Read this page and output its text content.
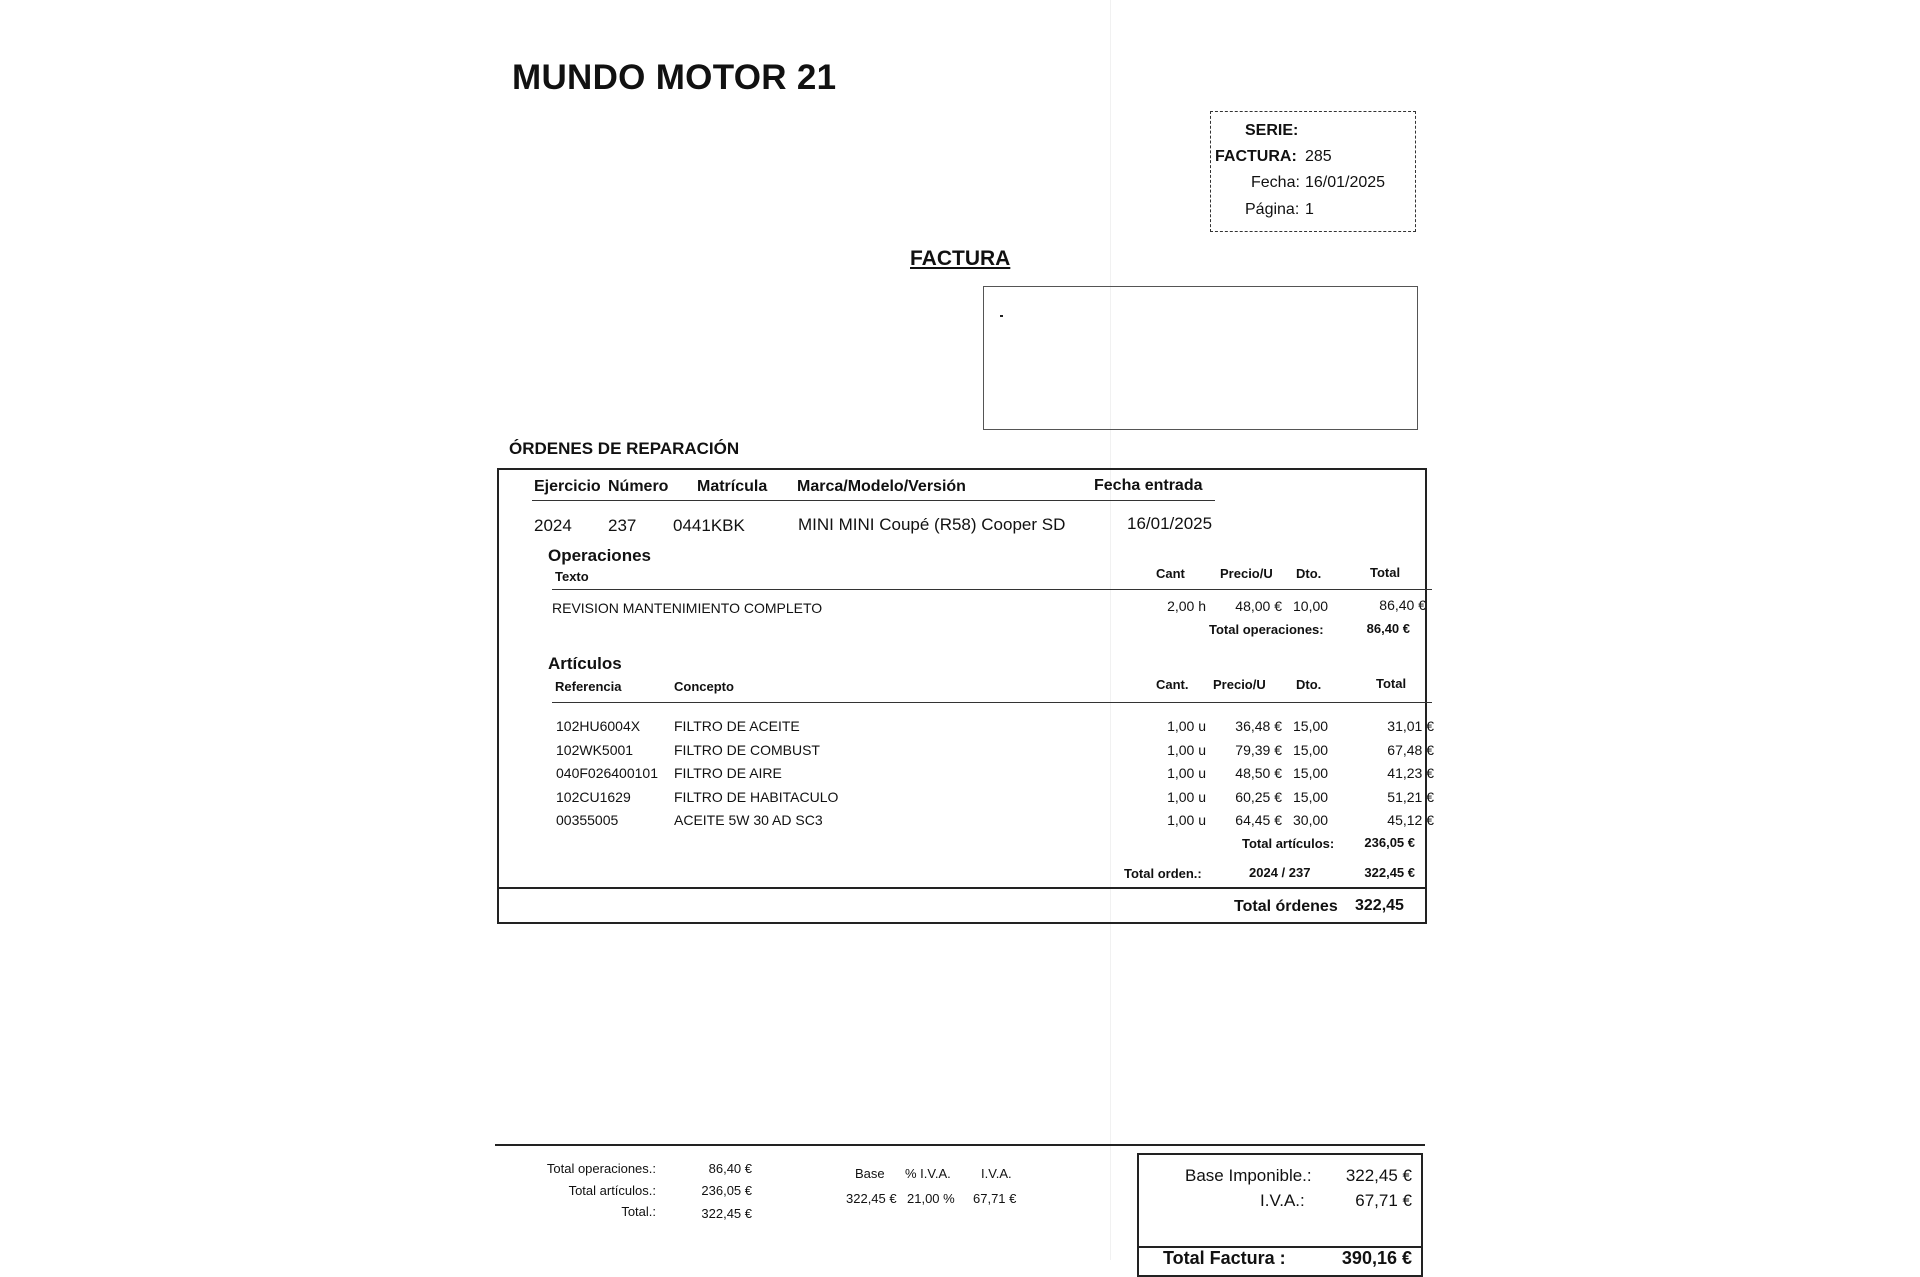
MUNDO MOTOR 21
SERIE:
FACTURA: 285
Fecha: 16/01/2025
Página: 1
FACTURA
ÓRDENES DE REPARACIÓN
Ejercicio Número Matrícula Marca/Modelo/Versión	Fecha entrada
2024 237 0441KBK	MINI MINI Coupé (R58) Cooper SD	16/01/2025
Operaciones
Texto	Cant	Precio/U Dto.	Total
REVISION MANTENIMIENTO COMPLETO	2,00 h	48,00 € 10,00	86,40 €
Total operaciones:	86,40 €
Artículos
Referencia	Concepto	Cant. Precio/U Dto.	Total
102HU6004X FILTRO DE ACEITE	1,00 u	36,48 € 15,00	31,01 €
102WK5001	FILTRO DE COMBUST	1,00 u	79,39 € 15,00	67,48 €
040F026400101 FILTRO DE AIRE	1,00 u	48,50 € 15,00	41,23 €
102CU1629	FILTRO DE HABITACULO	1,00 u	60,25 € 15,00	51,21 €
00355005	ACEITE 5W 30 AD SC3	1,00 u	64,45 € 30,00	45,12 €
Total artículos:	236,05 €
Total orden.:	2024 / 237	322,45 €
Total órdenes 322,45
Total operaciones.:	86,40 €
Total artículos.:	236,05 €
Total.:	322,45 €
Base % I.V.A. I.V.A.
322,45 € 21,00 % 67,71 €
Base Imponible.:	322,45 €
I.V.A.:	67,71 €
Total Factura :	390,16 €
